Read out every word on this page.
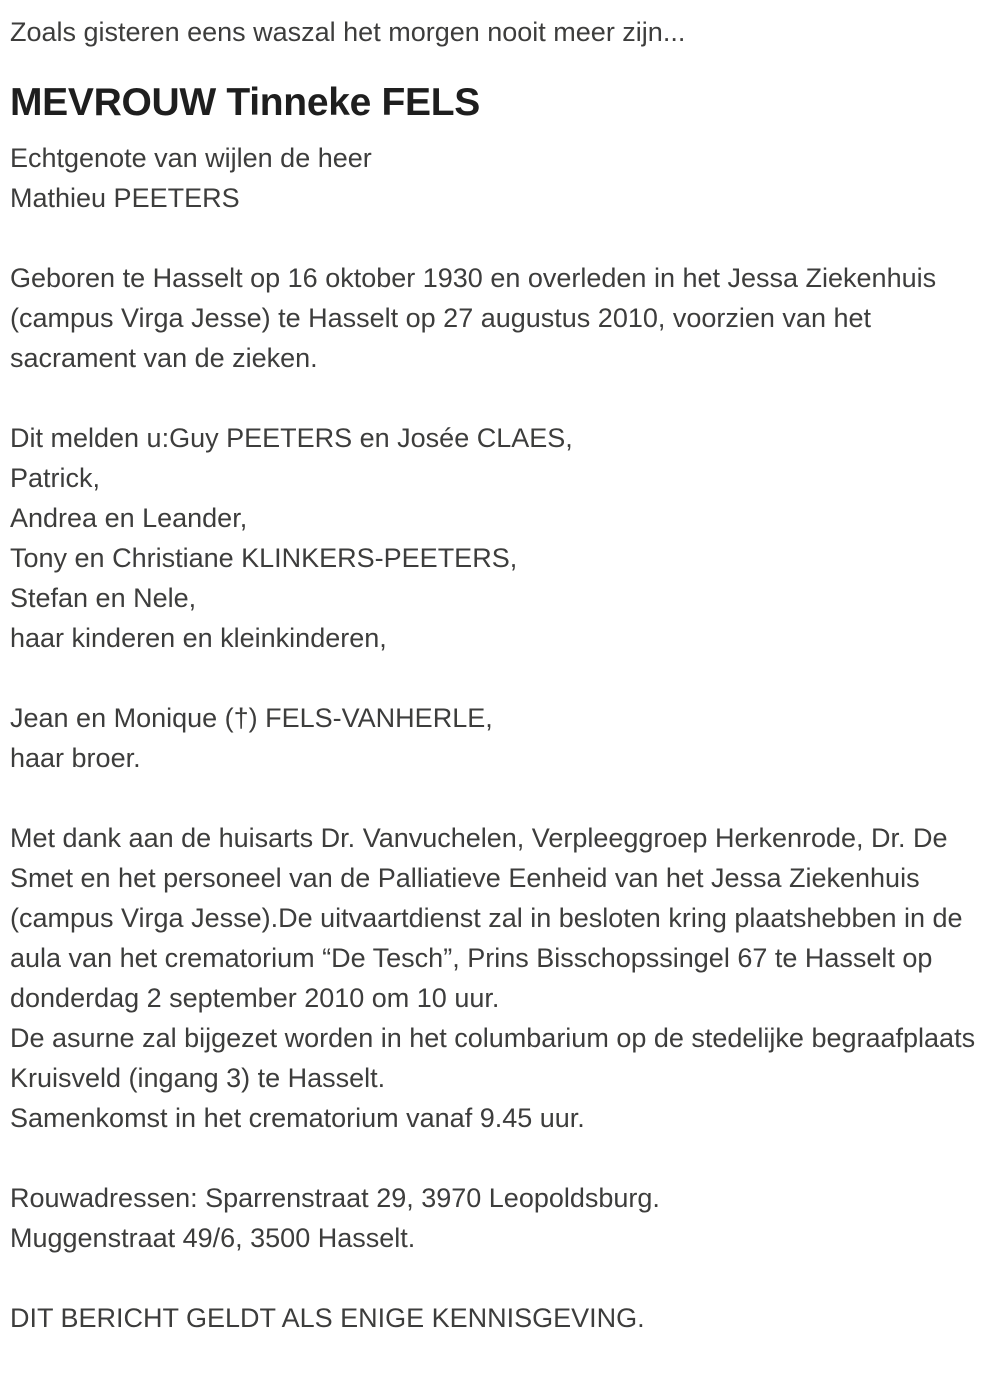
Zoals gisteren eens waszal het morgen nooit meer zijn...

MEVROUW Tinneke FELS

Echtgenote van wijlen de heer

Mathieu PEETERS

Geboren te Hasselt op 16 oktober 1930 en overleden in het Jessa Ziekenhuis (campus Virga Jesse) te Hasselt op 27 augustus 2010, voorzien van het sacrament van de zieken.

Dit melden u:Guy PEETERS en Josée CLAES,

Patrick,

Andrea en Leander,

Tony en Christiane KLINKERS-PEETERS,

Stefan en Nele,

haar kinderen en kleinkinderen,

Jean en Monique (†) FELS-VANHERLE,

haar broer.

Met dank aan de huisarts Dr. Vanvuchelen, Verpleeggroep Herkenrode, Dr. De Smet en het personeel van de Palliatieve Eenheid van het Jessa Ziekenhuis (campus Virga Jesse).De uitvaartdienst zal in besloten kring plaatshebben in de aula van het crematorium “De Tesch”, Prins Bisschopssingel 67 te Hasselt op donderdag 2 september 2010 om 10 uur.

De asurne zal bijgezet worden in het columbarium op de stedelijke begraafplaats Kruisveld (ingang 3) te Hasselt.

Samenkomst in het crematorium vanaf 9.45 uur.

Rouwadressen: Sparrenstraat 29, 3970 Leopoldsburg.

Muggenstraat 49/6, 3500 Hasselt.

DIT BERICHT GELDT ALS ENIGE KENNISGEVING.
